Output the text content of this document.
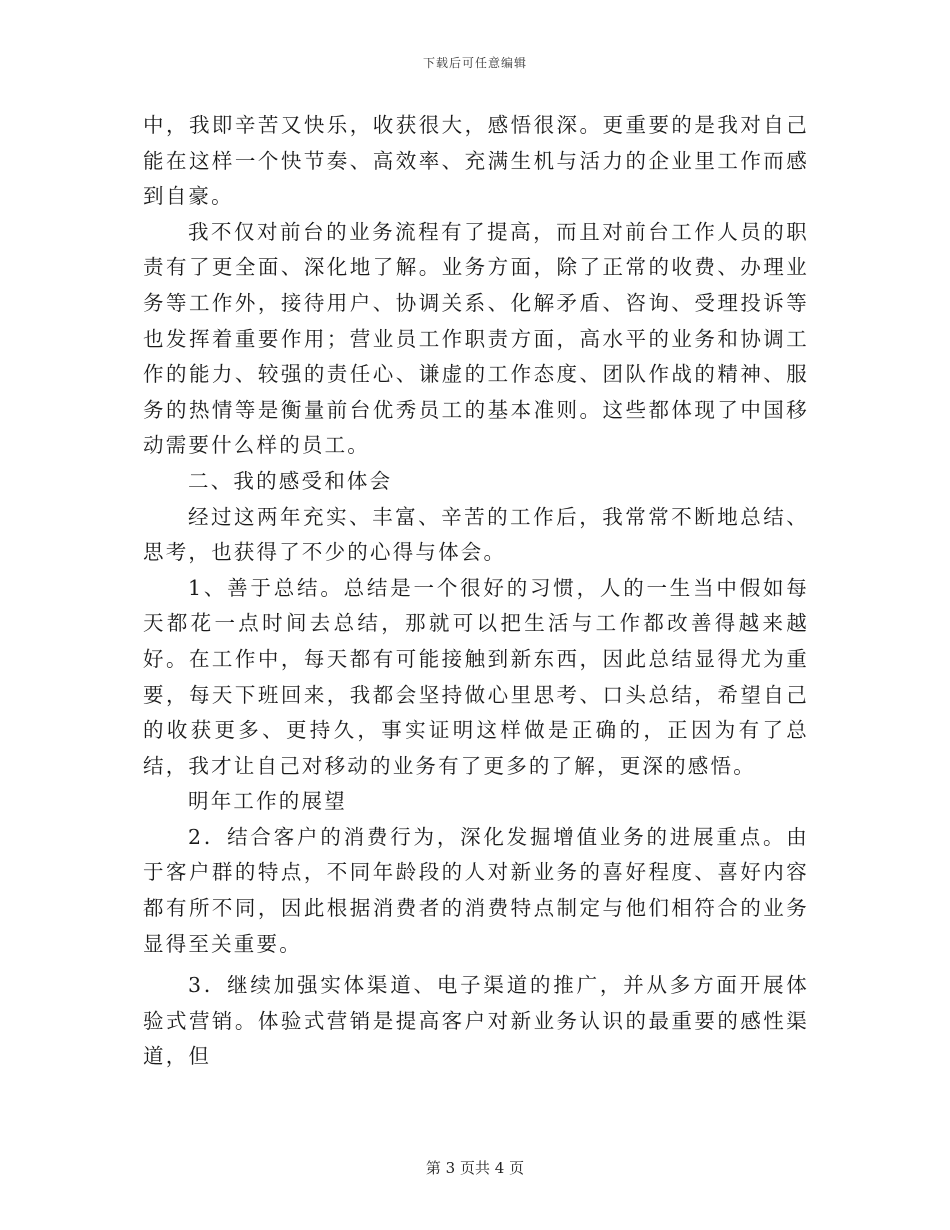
下载后可任意编辑

中，我即辛苦又快乐，收获很大，感悟很深。更重要的是我对自己能在这样一个快节奏、高效率、充满生机与活力的企业里工作而感到自豪。

我不仅对前台的业务流程有了提高，而且对前台工作人员的职责有了更全面、深化地了解。业务方面，除了正常的收费、办理业务等工作外，接待用户、协调关系、化解矛盾、咨询、受理投诉等也发挥着重要作用；营业员工作职责方面，高水平的业务和协调工作的能力、较强的责任心、谦虚的工作态度、团队作战的精神、服务的热情等是衡量前台优秀员工的基本准则。这些都体现了中国移动需要什么样的员工。

二、我的感受和体会

经过这两年充实、丰富、辛苦的工作后，我常常不断地总结、思考，也获得了不少的心得与体会。

1、善于总结。总结是一个很好的习惯，人的一生当中假如每天都花一点时间去总结，那就可以把生活与工作都改善得越来越好。在工作中，每天都有可能接触到新东西，因此总结显得尤为重要，每天下班回来，我都会坚持做心里思考、口头总结，希望自己的收获更多、更持久，事实证明这样做是正确的，正因为有了总结，我才让自己对移动的业务有了更多的了解，更深的感悟。

明年工作的展望

2．结合客户的消费行为，深化发掘增值业务的进展重点。由于客户群的特点，不同年龄段的人对新业务的喜好程度、喜好内容都有所不同，因此根据消费者的消费特点制定与他们相符合的业务显得至关重要。

3．继续加强实体渠道、电子渠道的推广，并从多方面开展体验式营销。体验式营销是提高客户对新业务认识的最重要的感性渠道，但

第 3 页共 4 页
